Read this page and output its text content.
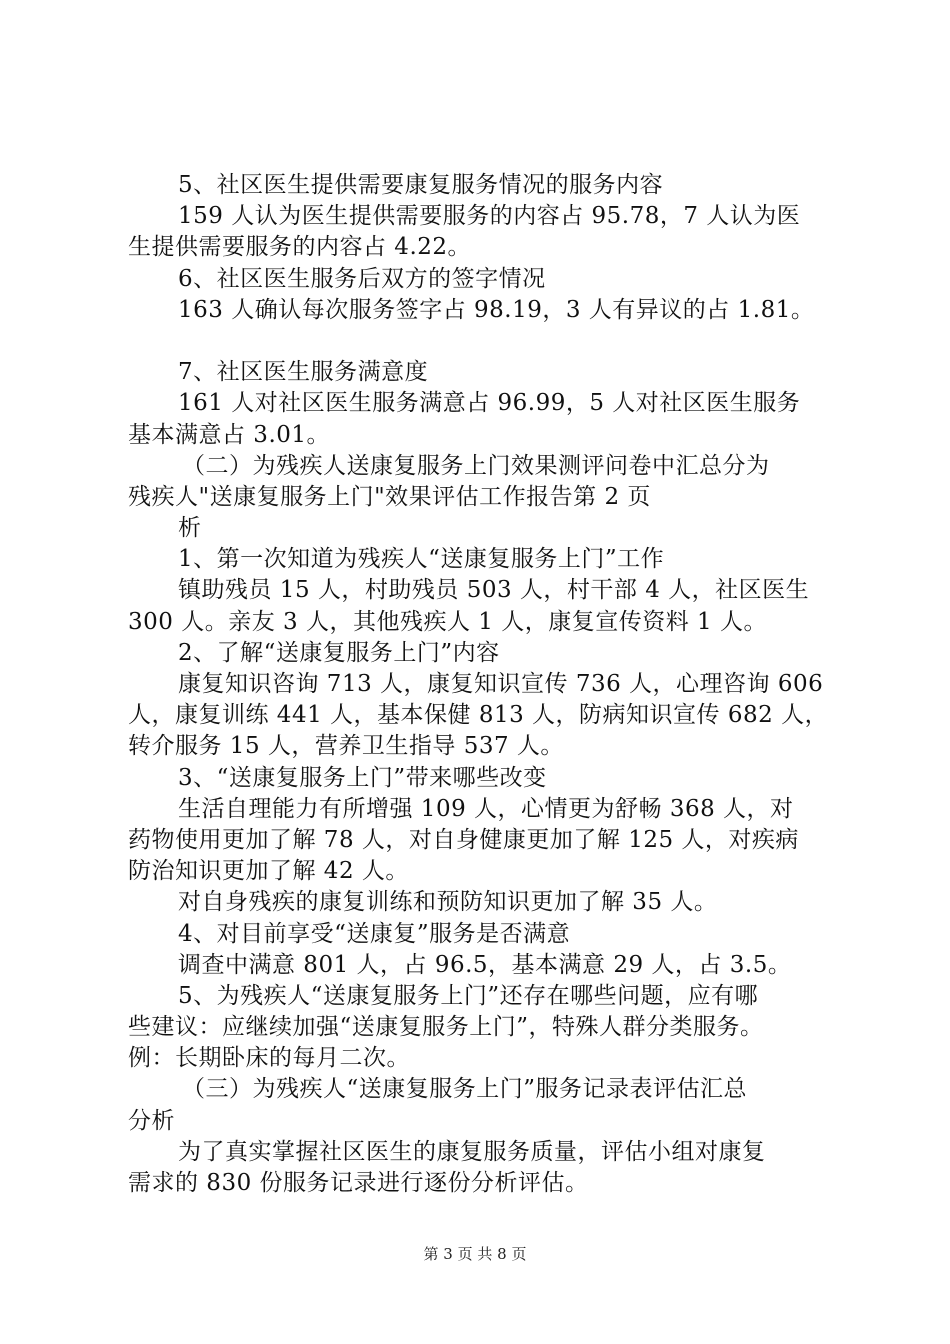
5、社区医生提供需要康复服务情况的服务内容
159 人认为医生提供需要服务的内容占 95.78，7 人认为医
生提供需要服务的内容占 4.22。
6、社区医生服务后双方的签字情况
163 人确认每次服务签字占 98.19，3 人有异议的占 1.81。
7、社区医生服务满意度
161 人对社区医生服务满意占 96.99，5 人对社区医生服务
基本满意占 3.01。
（二）为残疾人送康复服务上门效果测评问卷中汇总分为
残疾人"送康复服务上门"效果评估工作报告第 2 页
析
1、第一次知道为残疾人“送康复服务上门”工作
镇助残员 15 人，村助残员 503 人，村干部 4 人，社区医生
300 人。亲友 3 人，其他残疾人 1 人，康复宣传资料 1 人。
2、了解“送康复服务上门”内容
康复知识咨询 713 人，康复知识宣传 736 人，心理咨询 606
人，康复训练 441 人，基本保健 813 人，防病知识宣传 682 人，
转介服务 15 人，营养卫生指导 537 人。
3、“送康复服务上门”带来哪些改变
生活自理能力有所增强 109 人，心情更为舒畅 368 人，对
药物使用更加了解 78 人，对自身健康更加了解 125 人，对疾病
防治知识更加了解 42 人。
对自身残疾的康复训练和预防知识更加了解 35 人。
4、对目前享受“送康复”服务是否满意
调查中满意 801 人，占 96.5，基本满意 29 人，占 3.5。
5、为残疾人“送康复服务上门”还存在哪些问题，应有哪
些建议：应继续加强“送康复服务上门”，特殊人群分类服务。
例：长期卧床的每月二次。
（三）为残疾人“送康复服务上门”服务记录表评估汇总
分析
为了真实掌握社区医生的康复服务质量，评估小组对康复
需求的 830 份服务记录进行逐份分析评估。
第 3 页 共 8 页
